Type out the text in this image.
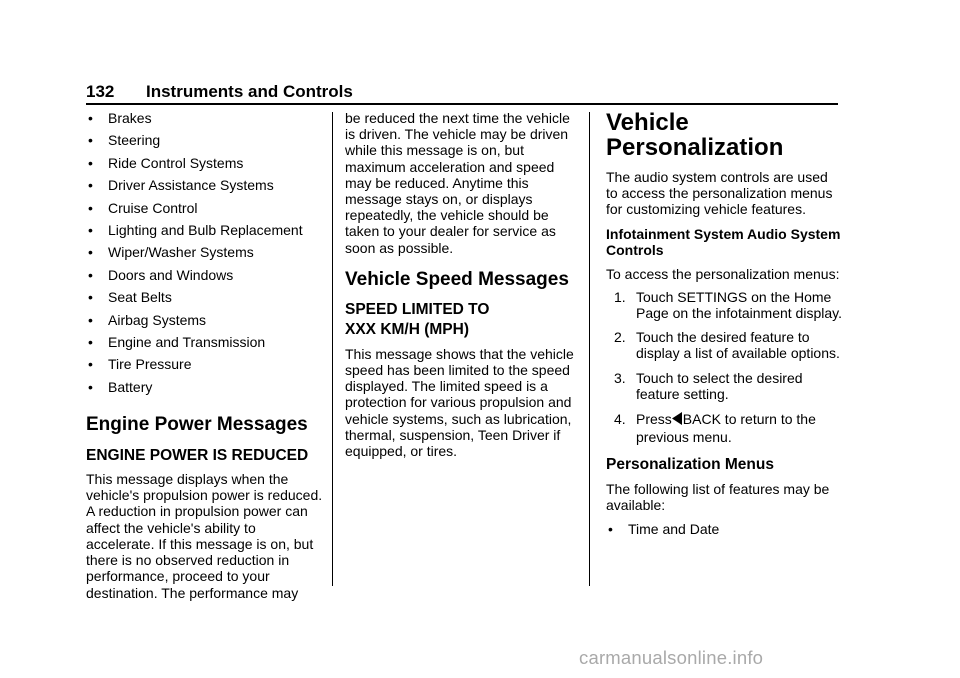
132 Instruments and Controls
• Brakes
• Steering
• Ride Control Systems
• Driver Assistance Systems
• Cruise Control
• Lighting and Bulb Replacement
• Wiper/Washer Systems
• Doors and Windows
• Seat Belts
• Airbag Systems
• Engine and Transmission
• Tire Pressure
• Battery
Engine Power Messages
ENGINE POWER IS REDUCED

This message displays when the vehicle's propulsion power is reduced. A reduction in propulsion power can affect the vehicle's ability to accelerate. If this message is on, but there is no observed reduction in performance, proceed to your destination. The performance may

be reduced the next time the vehicle is driven. The vehicle may be driven while this message is on, but maximum acceleration and speed may be reduced. Anytime this message stays on, or displays repeatedly, the vehicle should be taken to your dealer for service as soon as possible.

Vehicle Speed Messages
SPEED LIMITED TO
XXX KM/H (MPH)

This message shows that the vehicle speed has been limited to the speed displayed. The limited speed is a protection for various propulsion and vehicle systems, such as lubrication, thermal, suspension, Teen Driver if equipped, or tires.

Vehicle
Personalization

The audio system controls are used to access the personalization menus for customizing vehicle features.

Infotainment System Audio System Controls

To access the personalization menus:

1. Touch SETTINGS on the Home Page on the infotainment display.
2. Touch the desired feature to display a list of available options.
3. Touch to select the desired feature setting.
4. Press BACK to return to the previous menu.
Personalization Menus

The following list of features may be available:

• Time and Date
carmanualsonline.info
